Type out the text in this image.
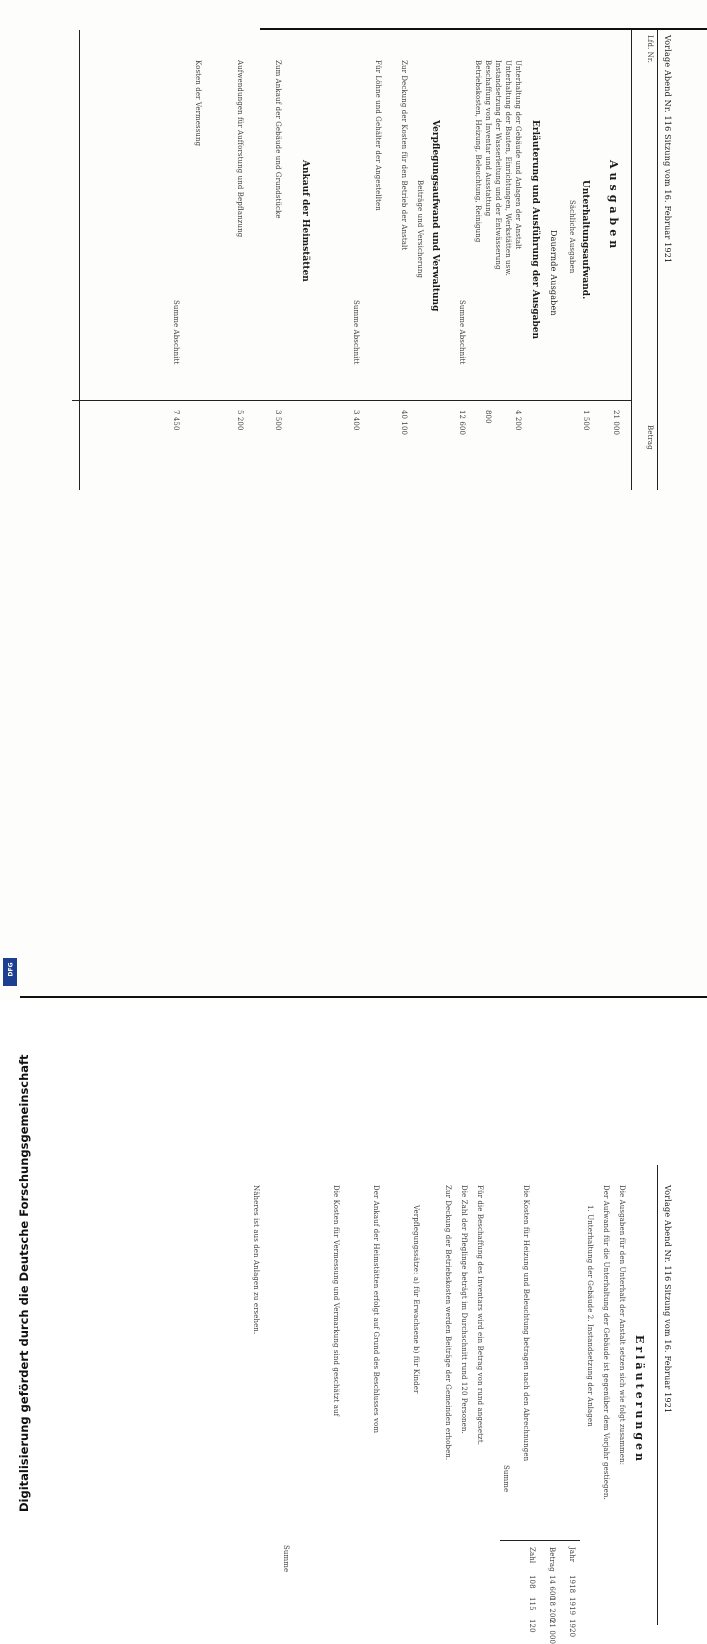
Vorlage Abend Nr. 116 Sitzung vom 16. Februar 1921
Lfd. Nr.
Betrag
Ausgaben
Unterhaltungsaufwand.
Sächliche Ausgaben
Dauernde Ausgaben
Erläuterung und Ausführung der Ausgaben
Unterhaltung der Gebäude und Anlagen der Anstalt
Unterhaltung der Bauten, Einrichtungen, Werkstätten usw.
Instandsetzung der Wasserleitung und der Entwässerung
Beschaffung von Inventar und Ausstattung
Betriebskosten, Heizung, Beleuchtung, Reinigung
Summe Abschnitt
Verpflegungsaufwand und Verwaltung
Beiträge und Versicherung
Zur Deckung der Kosten für den Betrieb der Anstalt
Für Löhne und Gehälter der Angestellten
Summe Abschnitt
Ankauf der Heimstätten
Zum Ankauf der Gebäude und Grundstücke
Aufwendungen für Aufforstung und Bepflanzung
Kosten der Vermessung
Summe Abschnitt
21 000
1 500
4 200
800
12 600
40 100
3 400
3 500
5 200
7 450
Vorlage Abend Nr. 116 Sitzung vom 16. Februar 1921
Erläuterungen
Die Ausgaben für den Unterhalt der Anstalt setzen sich wie folgt zusammen:
Der Aufwand für die Unterhaltung der Gebäude ist gegenüber dem Vorjahr gestiegen.
1. Unterhaltung der Gebäude 2. Instandsetzung der Anlagen
Jahr
Betrag
Zahl
1918
14 600
108
1919
18 200
115
1920
21 000
120
Die Kosten für Heizung und Beleuchtung betragen nach den Abrechnungen
Summe
Für die Beschaffung des Inventars wird ein Betrag von rund angesetzt.
Die Zahl der Pfleglinge beträgt im Durchschnitt rund 120 Personen.
Zur Deckung der Betriebskosten werden Beiträge der Gemeinden erhoben.
Verpflegungssätze: a) für Erwachsene b) für Kinder
Der Ankauf der Heimstätten erfolgt auf Grund des Beschlusses vom
Die Kosten für Vermessung und Vermarkung sind geschätzt auf
Summe
Näheres ist aus den Anlagen zu ersehen.
Digitalisierung gefördert durch die Deutsche Forschungsgemeinschaft
DFG
